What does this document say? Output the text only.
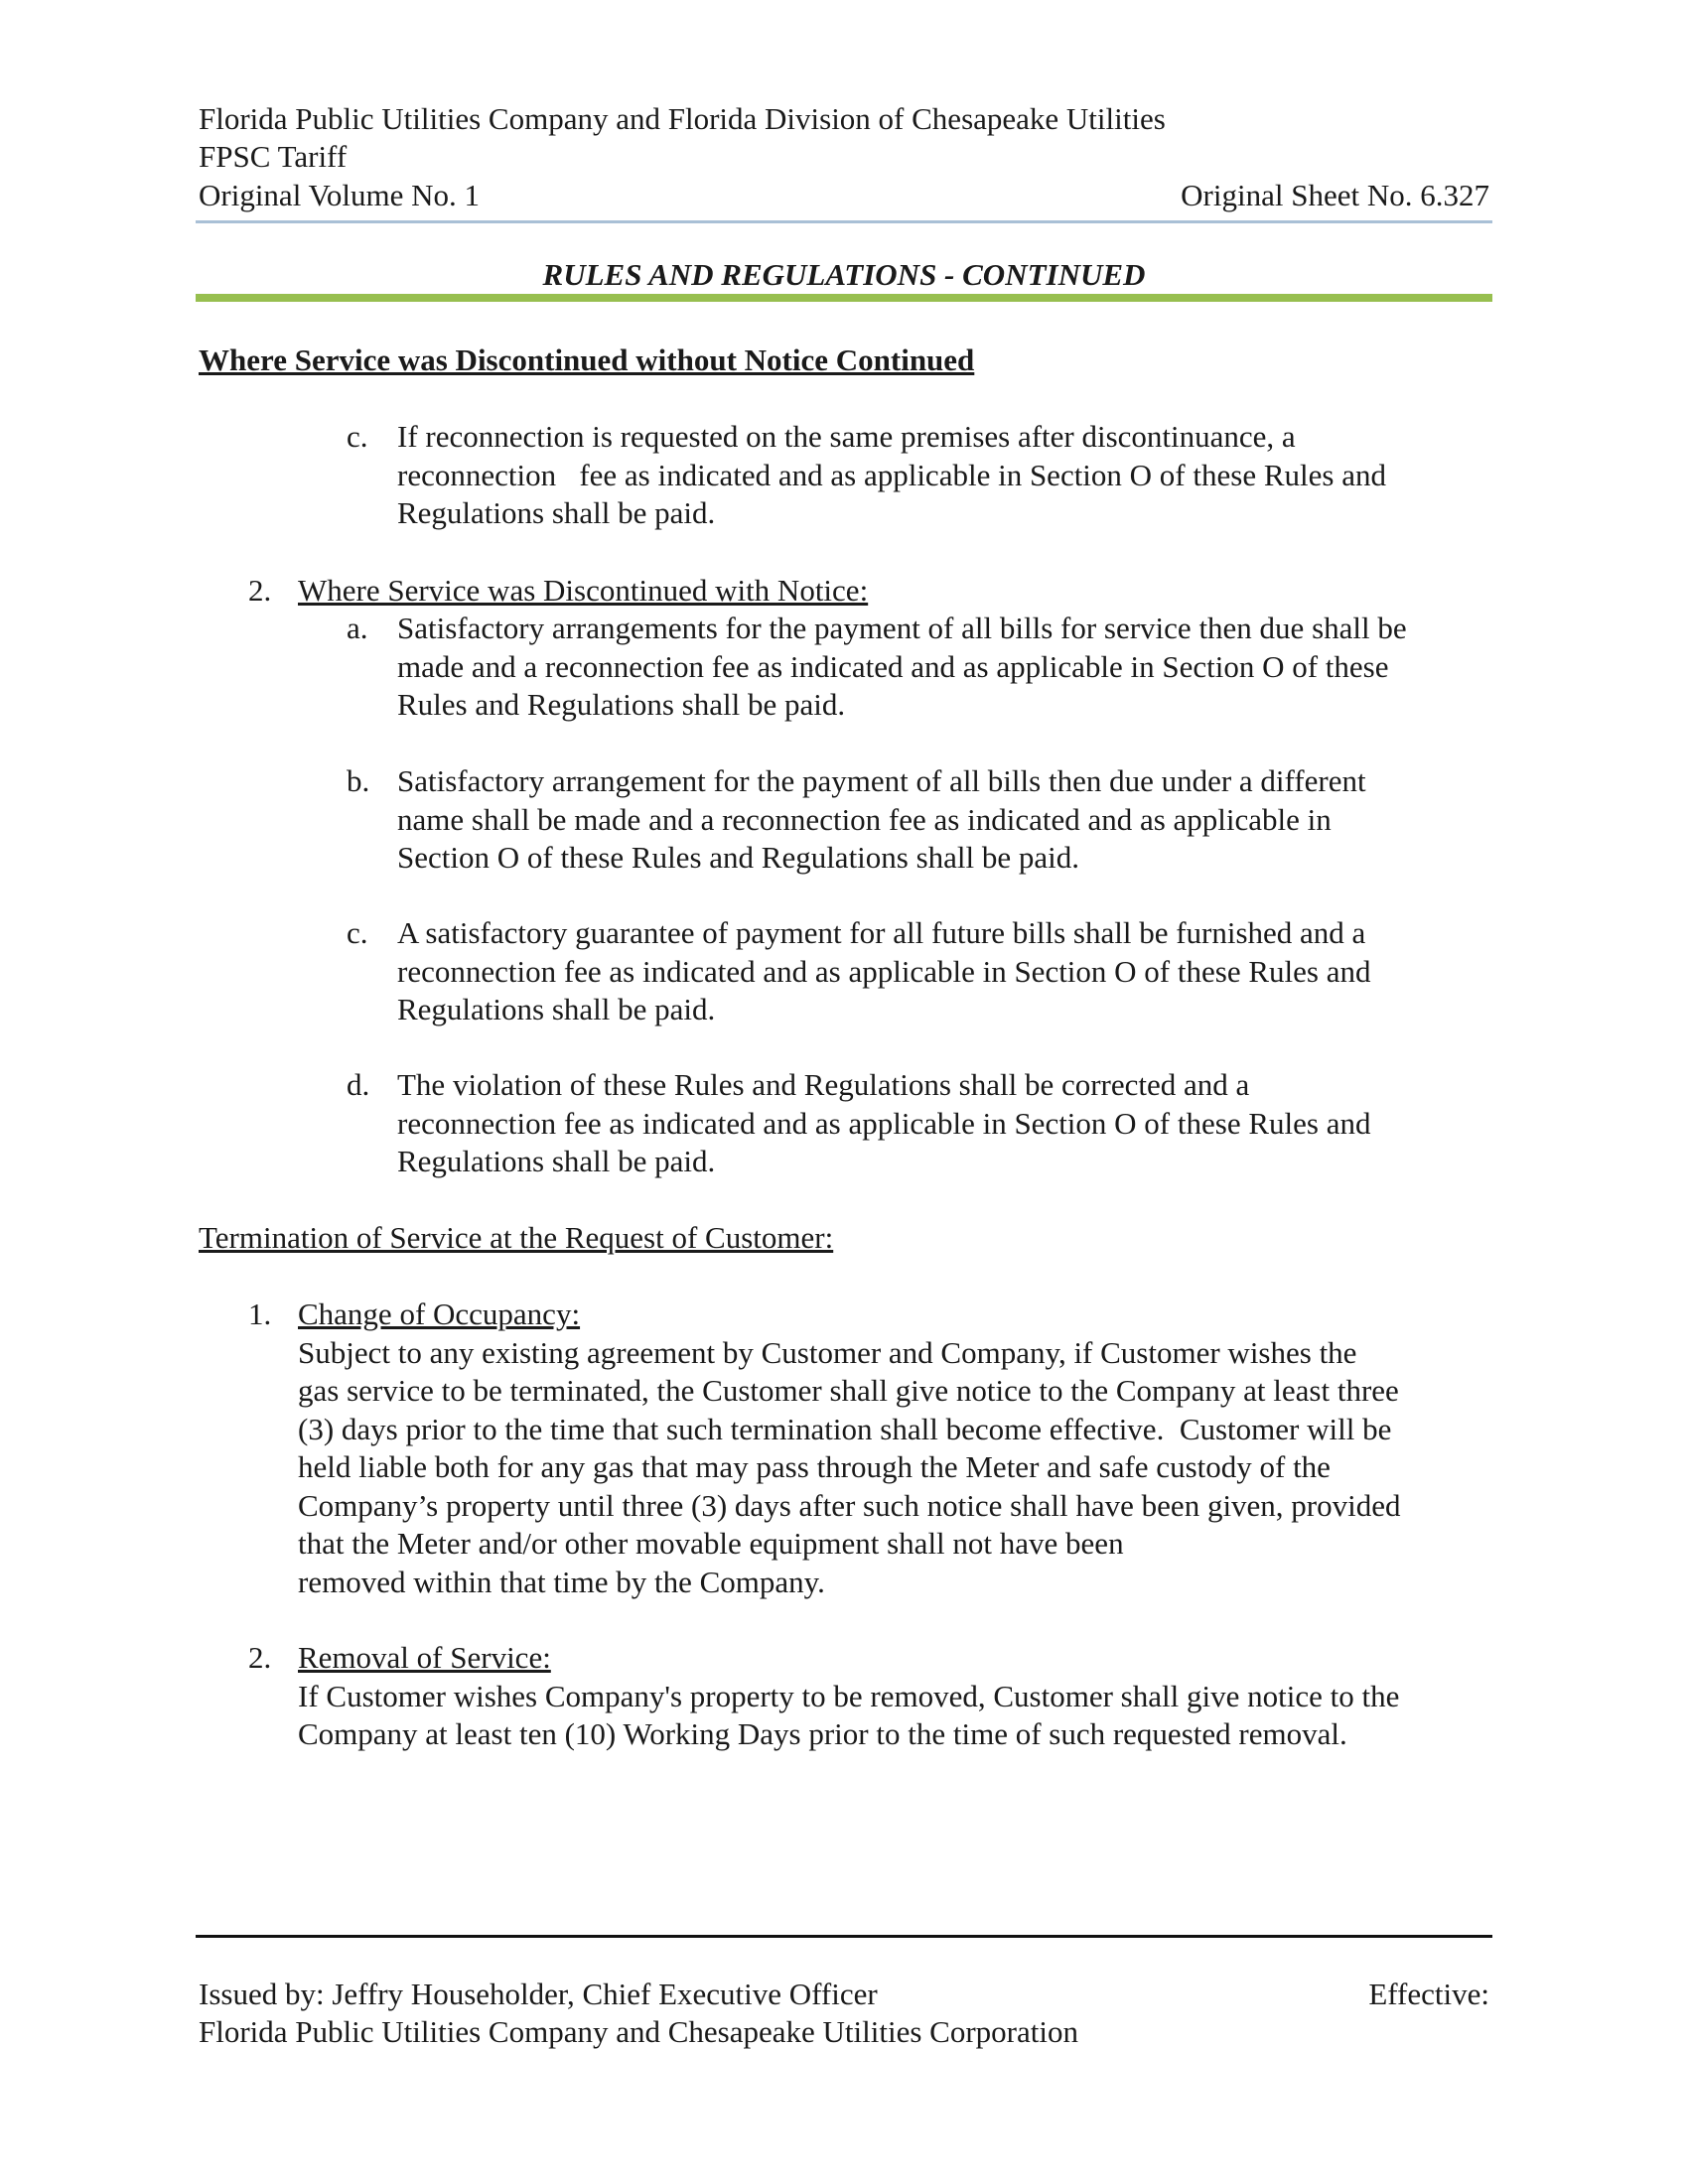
Florida Public Utilities Company and Florida Division of Chesapeake Utilities
FPSC Tariff
Original Volume No. 1	Original Sheet No. 6.327
RULES AND REGULATIONS - CONTINUED
Where Service was Discontinued without Notice Continued
c. If reconnection is requested on the same premises after discontinuance, a
reconnection   fee as indicated and as applicable in Section O of these Rules and
Regulations shall be paid.
2. Where Service was Discontinued with Notice:
a. Satisfactory arrangements for the payment of all bills for service then due shall be
made and a reconnection fee as indicated and as applicable in Section O of these
Rules and Regulations shall be paid.
b. Satisfactory arrangement for the payment of all bills then due under a different
name shall be made and a reconnection fee as indicated and as applicable in
Section O of these Rules and Regulations shall be paid.
c. A satisfactory guarantee of payment for all future bills shall be furnished and a
reconnection fee as indicated and as applicable in Section O of these Rules and
Regulations shall be paid.
d. The violation of these Rules and Regulations shall be corrected and a
reconnection fee as indicated and as applicable in Section O of these Rules and
Regulations shall be paid.
Termination of Service at the Request of Customer:
1. Change of Occupancy:
Subject to any existing agreement by Customer and Company, if Customer wishes the
gas service to be terminated, the Customer shall give notice to the Company at least three
(3) days prior to the time that such termination shall become effective.  Customer will be
held liable both for any gas that may pass through the Meter and safe custody of the
Company’s property until three (3) days after such notice shall have been given, provided
that the Meter and/or other movable equipment shall not have been
removed within that time by the Company.
2. Removal of Service:
If Customer wishes Company's property to be removed, Customer shall give notice to the
Company at least ten (10) Working Days prior to the time of such requested removal.
Issued by: Jeffry Householder, Chief Executive Officer	Effective:
Florida Public Utilities Company and Chesapeake Utilities Corporation
